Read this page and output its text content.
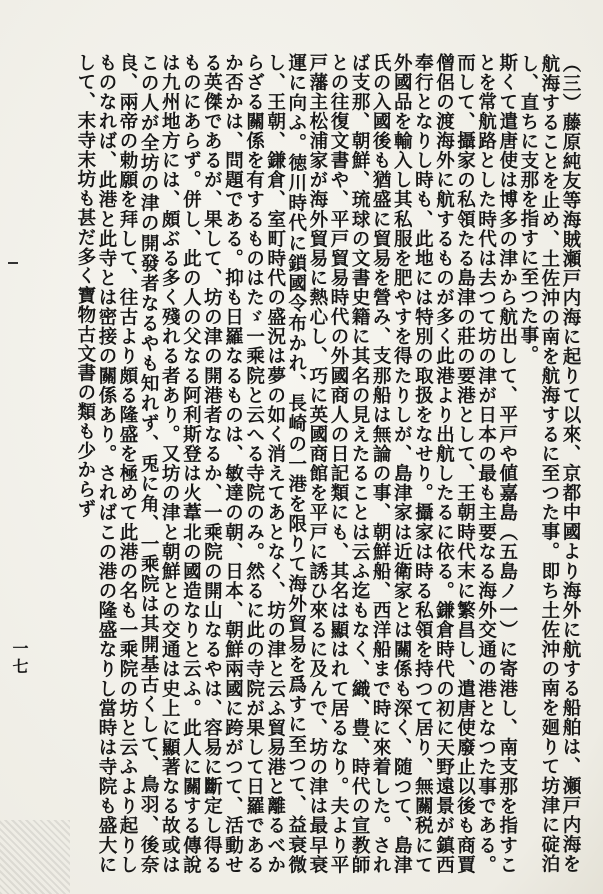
（三）藤原純友等海賊瀬戸内海に起りて以來、京都中國より海外に航する船舶は、瀬戸内海を航海することを止め、土佐沖の南を航海するに至つた事。即ち土佐沖の南を廻りて坊津に碇泊し、直ちに支那を指すに至つた事。

斯くて遣唐使は博多の津から航出して、平戸や値嘉島（五島ノ一）に寄港し、南支那を指すことを常航路とした時代は去つて坊の津が日本の最も主要なる海外交通の港となつた事である。而して、攝家の私領たる島津の莊の要港として、王朝時代末に繁昌し、遣唐使廢止以後も商賈僧侶の渡海外に航するものが多く此港より出航したるに依る。鎌倉時代の初に天野遠景が鎮西奉行となりし時も、此地には特別の取扱をなせり。攝家は時る私領を持つて居り、無關税にて外國品を輸入し其私服を肥やすを得たりしが、島津家は近衛家とは關係も深く、随つて、島津氏の入國後も猶盛に貿易を營み、支那船は無論の事、朝鮮船、西洋船まで時に來着した。されば支那、朝鮮、琉球の文書史籍に其名の見えたることは云ふ迄もなく、織、豊、時代の宣教師との往復文書や、平戸貿易時代の外國商人の日記類にも、其名は顯はれて居るなり。夫より平戸藩主松浦家が海外貿易に熱心し、巧に英國商館を平戸に誘ひ來るに及んで、坊の津は最早衰運に向ふ。徳川時代に鎖國令布かれ、長崎の一港を限りて海外貿易を爲すに至つて、益衰微し、王朝、鎌倉、室町時代の盛況は夢の如く消えてあとなく、坊の津と云ふ貿易港と離るべからざる關係を有するものはたゞ一乘院と云へる寺院のみ。然るに此の寺院が果して日羅であるか否かは、問題である。抑も日羅なるものは、敏達の朝、日本、朝鮮兩國に跨がつて、活動せる英傑であるが、果して、坊の津の開港者なるか、一乘院の開山なるやは、容易に斷定し得るものにあらず。併し、此の人の父なる阿利斯登は火葦北の國造なりと云ふ。此人に關する傳說は九州地方には、頗ぶる多く殘れる者あり。又坊の津と朝鮮との交通は史上に顯著なる故或はこの人が全坊の津の開發者なるやも知れず、兎に角、一乘院は其開基古くして、鳥羽、後奈良、兩帝の勅願を拜して、往古より頗る隆盛を極めて此港の名も一乘院の坊と云ふより起りしものなれば、此港と此寺とは密接の關係あり。さればこの港の隆盛なりし當時は寺院も盛大にして、末寺末坊も甚だ多く寶物古文書の類も少からず

一七
